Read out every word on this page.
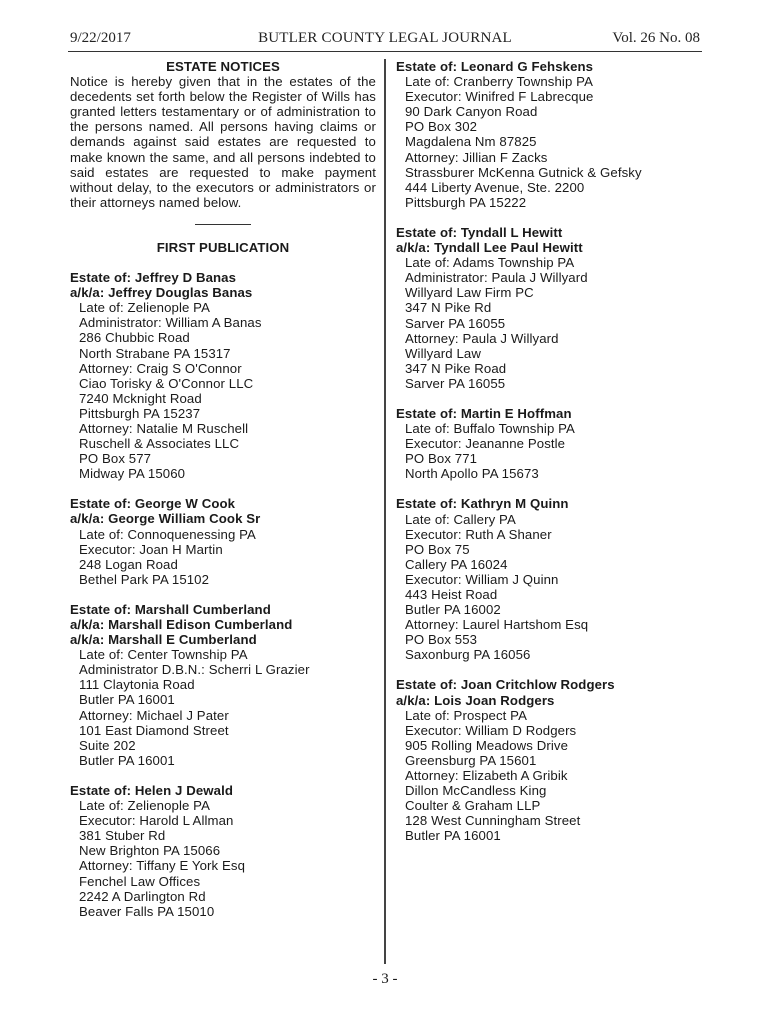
9/22/2017	BUTLER COUNTY LEGAL JOURNAL	Vol. 26 No. 08

ESTATE NOTICES

Notice is hereby given that in the estates of the decedents set forth below the Register of Wills has granted letters testamentary or of administration to the persons named. All persons having claims or demands against said estates are requested to make known the same, and all persons indebted to said estates are requested to make payment without delay, to the executors or administrators or their attorneys named below.

FIRST PUBLICATION

Estate of: Jeffrey D Banas
a/k/a: Jeffrey Douglas Banas
Late of: Zelienople PA
Administrator: William A Banas
286 Chubbic Road
North Strabane PA 15317
Attorney: Craig S O'Connor
Ciao Torisky & O'Connor LLC
7240 Mcknight Road
Pittsburgh PA 15237
Attorney: Natalie M Ruschell
Ruschell & Associates LLC
PO Box 577
Midway PA 15060
Estate of: George W Cook
a/k/a: George William Cook Sr
Late of: Connoquenessing PA
Executor: Joan H Martin
248 Logan Road
Bethel Park PA 15102
Estate of: Marshall Cumberland
a/k/a: Marshall Edison Cumberland
a/k/a: Marshall E Cumberland
Late of: Center Township PA
Administrator D.B.N.: Scherri L Grazier
111 Claytonia Road
Butler PA 16001
Attorney: Michael J Pater
101 East Diamond Street
Suite 202
Butler PA 16001
Estate of: Helen J Dewald
Late of: Zelienople PA
Executor: Harold L Allman
381 Stuber Rd
New Brighton PA 15066
Attorney: Tiffany E York Esq
Fenchel Law Offices
2242 A Darlington Rd
Beaver Falls PA 15010
Estate of: Leonard G Fehskens
Late of: Cranberry Township PA
Executor: Winifred F Labrecque
90 Dark Canyon Road
PO Box 302
Magdalena Nm 87825
Attorney: Jillian F Zacks
Strassburer McKenna Gutnick & Gefsky
444 Liberty Avenue, Ste. 2200
Pittsburgh PA 15222
Estate of: Tyndall L Hewitt
a/k/a: Tyndall Lee Paul Hewitt
Late of: Adams Township PA
Administrator: Paula J Willyard
Willyard Law Firm PC
347 N Pike Rd
Sarver PA 16055
Attorney: Paula J Willyard
Willyard Law
347 N Pike Road
Sarver PA 16055
Estate of: Martin E Hoffman
Late of: Buffalo Township PA
Executor: Jeananne Postle
PO Box 771
North Apollo PA 15673
Estate of: Kathryn M Quinn
Late of: Callery PA
Executor: Ruth A Shaner
PO Box 75
Callery PA 16024
Executor: William J Quinn
443 Heist Road
Butler PA 16002
Attorney: Laurel Hartshom Esq
PO Box 553
Saxonburg PA 16056
Estate of: Joan Critchlow Rodgers
a/k/a: Lois Joan Rodgers
Late of: Prospect PA
Executor: William D Rodgers
905 Rolling Meadows Drive
Greensburg PA 15601
Attorney: Elizabeth A Gribik
Dillon McCandless King
Coulter & Graham LLP
128 West Cunningham Street
Butler PA 16001
- 3 -
